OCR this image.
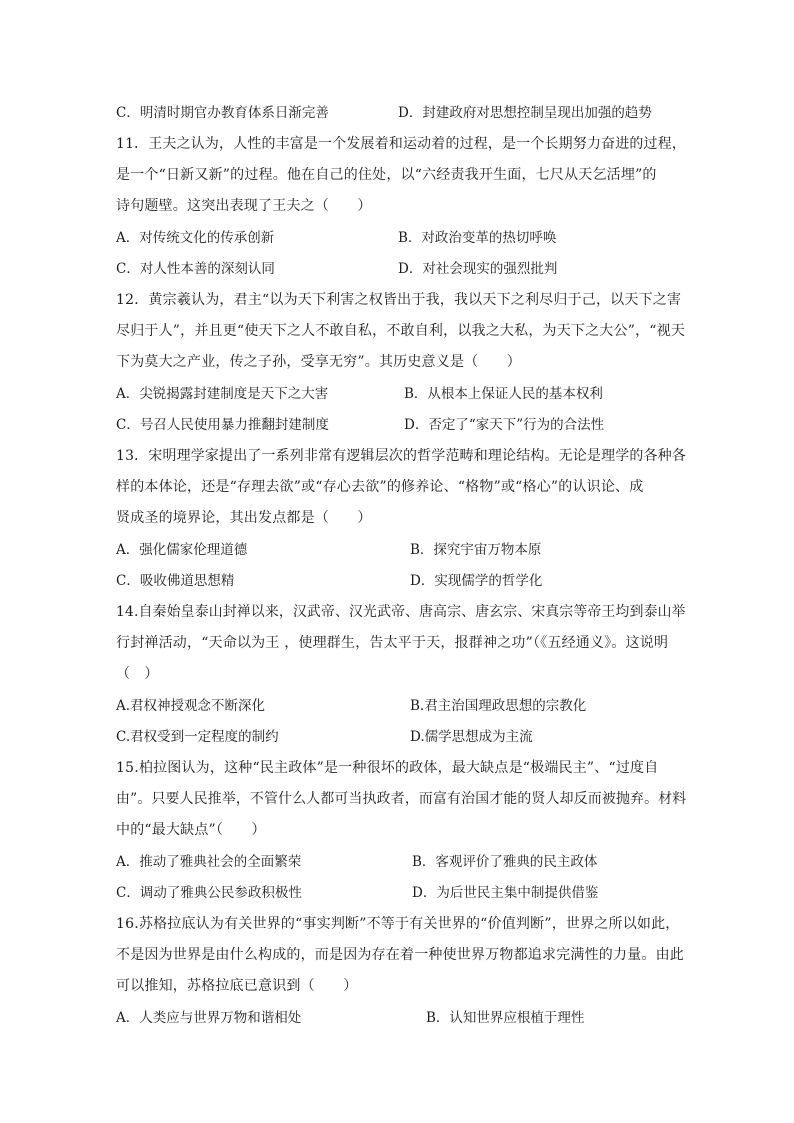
C．明清时期官办教育体系日渐完善	D．封建政府对思想控制呈现出加强的趋势
11．王夫之认为，人性的丰富是一个发展着和运动着的过程，是一个长期努力奋进的过程，
是一个“日新又新”的过程。他在自己的住处，以“六经责我开生面，七尺从天乞活埋”的
诗句题壁。这突出表现了王夫之（　　）
A．对传统文化的传承创新	B．对政治变革的热切呼唤
C．对人性本善的深刻认同	D．对社会现实的强烈批判
12．黄宗羲认为，君主“以为天下利害之权皆出于我，我以天下之利尽归于己，以天下之害
尽归于人”，并且更“使天下之人不敢自私，不敢自利，以我之大私，为天下之大公”，“视天
下为莫大之产业，传之子孙，受享无穷”。其历史意义是（　　）
A．尖锐揭露封建制度是天下之大害	B．从根本上保证人民的基本权利
C．号召人民使用暴力推翻封建制度	D．否定了“家天下”行为的合法性
13．宋明理学家提出了一系列非常有逻辑层次的哲学范畴和理论结构。无论是理学的各种各
样的本体论，还是“存理去欲”或“存心去欲”的修养论、“格物”或“格心”的认识论、成
贤成圣的境界论，其出发点都是（　　）
A．强化儒家伦理道德	B．探究宇宙万物本原
C．吸收佛道思想精	D．实现儒学的哲学化
14.自秦始皇泰山封禅以来，汉武帝、汉光武帝、唐高宗、唐玄宗、宋真宗等帝王均到泰山举
行封禅活动，“天命以为王 ，使理群生，告太平于天，报群神之功”（《五经通义》。这说明
（　）
A.君权神授观念不断深化	B.君主治国理政思想的宗教化
C.君权受到一定程度的制约	D.儒学思想成为主流
15.柏拉图认为，这种“民主政体”是一种很坏的政体，最大缺点是“极端民主”、“过度自
由”。只要人民推举，不管什么人都可当执政者，而富有治国才能的贤人却反而被抛弃。材料
中的“最大缺点”（　　）
A．推动了雅典社会的全面繁荣	B．客观评价了雅典的民主政体
C．调动了雅典公民参政积极性	D．为后世民主集中制提供借鉴
16.苏格拉底认为有关世界的“事实判断”不等于有关世界的“价值判断”，世界之所以如此，
不是因为世界是由什么构成的，而是因为存在着一种使世界万物都追求完满性的力量。由此
可以推知，苏格拉底已意识到（　　）
A．人类应与世界万物和谐相处	B．认知世界应根植于理性
